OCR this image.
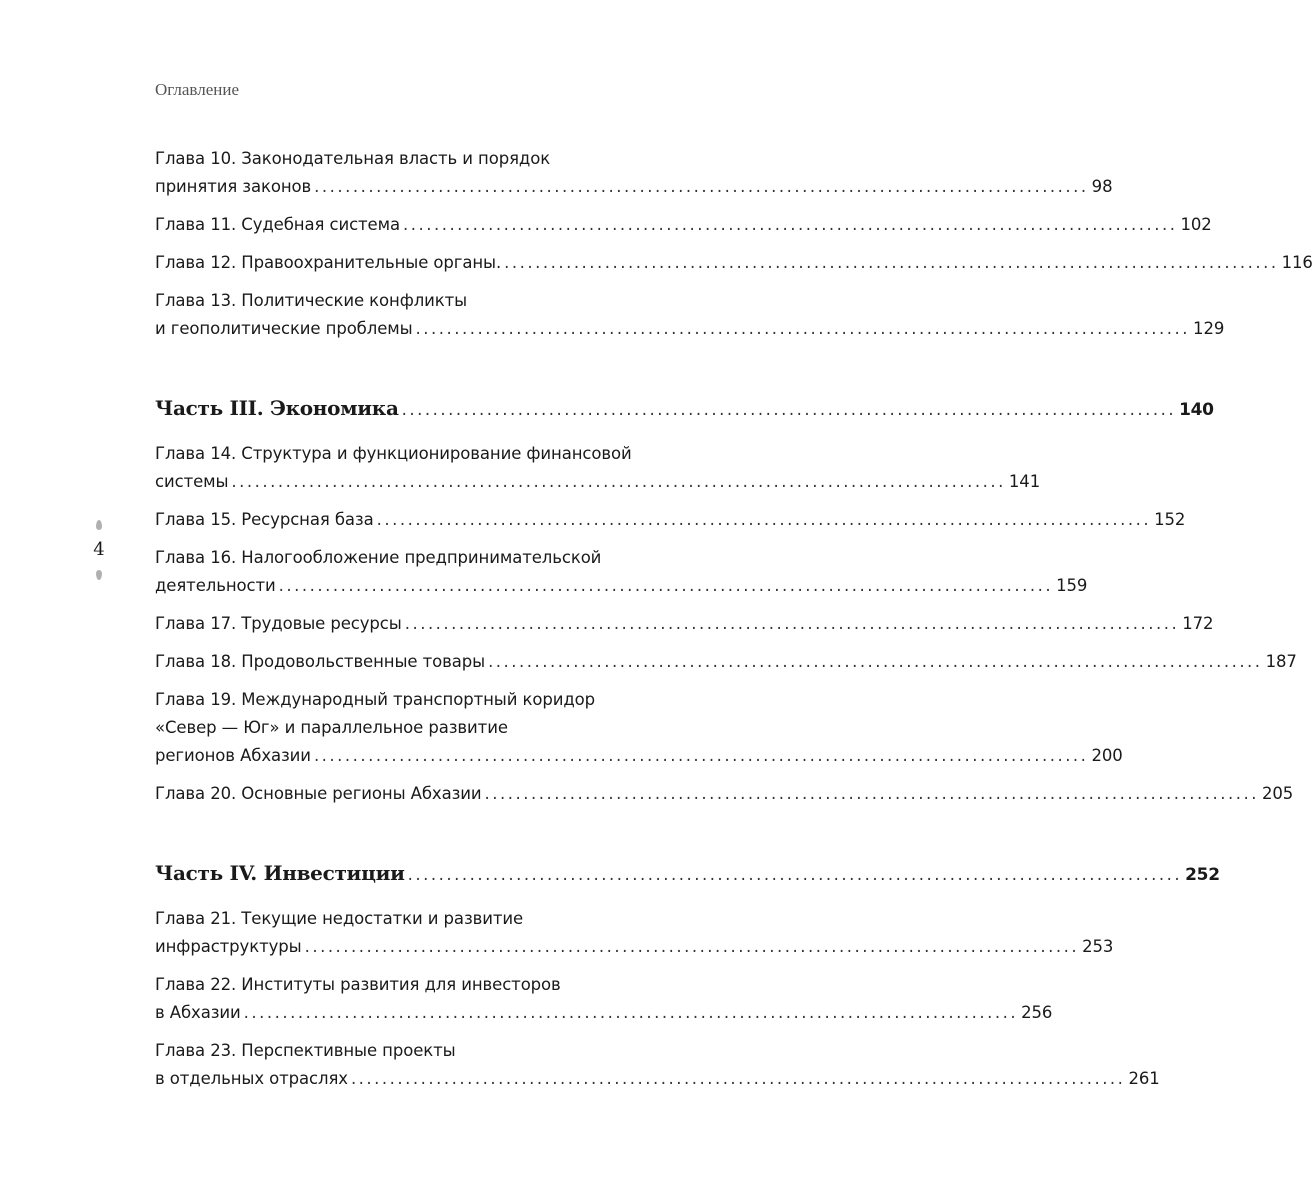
Оглавление
Глава 10. Законодательная власть и порядок
принятия законов .................................................................................................... 98
Глава 11. Судебная система .................................................................................................... 102
Глава 12. Правоохранительные органы. .................................................................................................... 116
Глава 13. Политические конфликты
и геополитические проблемы .................................................................................................... 129
Часть III. Экономика .................................................................................................... 140
Глава 14. Структура и функционирование финансовой
системы .................................................................................................... 141
Глава 15. Ресурсная база .................................................................................................... 152
Глава 16. Налогообложение предпринимательской
деятельности .................................................................................................... 159
Глава 17. Трудовые ресурсы .................................................................................................... 172
Глава 18. Продовольственные товары .................................................................................................... 187
Глава 19. Международный транспортный коридор
«Север — Юг» и параллельное развитие
регионов Абхазии .................................................................................................... 200
Глава 20. Основные регионы Абхазии .................................................................................................... 205
Часть IV. Инвестиции .................................................................................................... 252
Глава 21. Текущие недостатки и развитие
инфраструктуры .................................................................................................... 253
Глава 22. Институты развития для инвесторов
в Абхазии .................................................................................................... 256
Глава 23. Перспективные проекты
в отдельных отраслях .................................................................................................... 261
4
